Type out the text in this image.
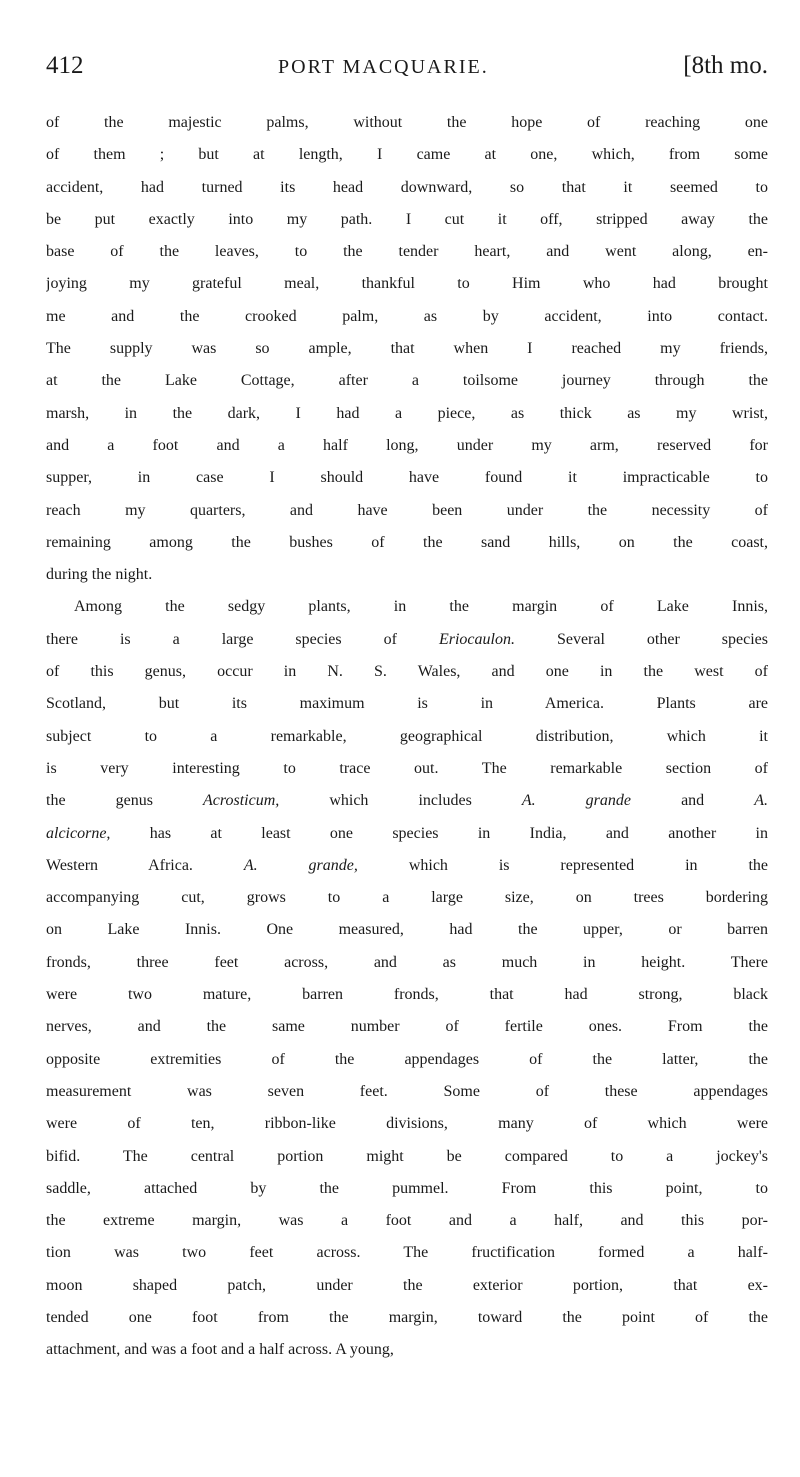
412	PORT MACQUARIE.	[8th mo.
of the majestic palms, without the hope of reaching one
of them ; but at length, I came at one, which, from some
accident, had turned its head downward, so that it seemed to
be put exactly into my path. I cut it off, stripped away the
base of the leaves, to the tender heart, and went along, en-
joying my grateful meal, thankful to Him who had brought
me and the crooked palm, as by accident, into contact.
The supply was so ample, that when I reached my friends,
at the Lake Cottage, after a toilsome journey through the
marsh, in the dark, I had a piece, as thick as my wrist,
and a foot and a half long, under my arm, reserved for
supper, in case I should have found it impracticable to
reach my quarters, and have been under the necessity of
remaining among the bushes of the sand hills, on the coast,
during the night.
Among the sedgy plants, in the margin of Lake Innis,
there is a large species of Eriocaulon. Several other species
of this genus, occur in N. S. Wales, and one in the west of
Scotland, but its maximum is in America. Plants are
subject to a remarkable, geographical distribution, which it
is very interesting to trace out. The remarkable section of
the genus Acrosticum, which includes A. grande and A.
alcicorne, has at least one species in India, and another in
Western Africa. A. grande, which is represented in the
accompanying cut, grows to a large size, on trees bordering
on Lake Innis. One measured, had the upper, or barren
fronds, three feet across, and as much in height. There
were two mature, barren fronds, that had strong, black
nerves, and the same number of fertile ones. From the
opposite extremities of the appendages of the latter, the
measurement was seven feet. Some of these appendages
were of ten, ribbon-like divisions, many of which were
bifid. The central portion might be compared to a jockey's
saddle, attached by the pummel. From this point, to
the extreme margin, was a foot and a half, and this por-
tion was two feet across. The fructification formed a half-
moon shaped patch, under the exterior portion, that ex-
tended one foot from the margin, toward the point of the
attachment, and was a foot and a half across. A young,
